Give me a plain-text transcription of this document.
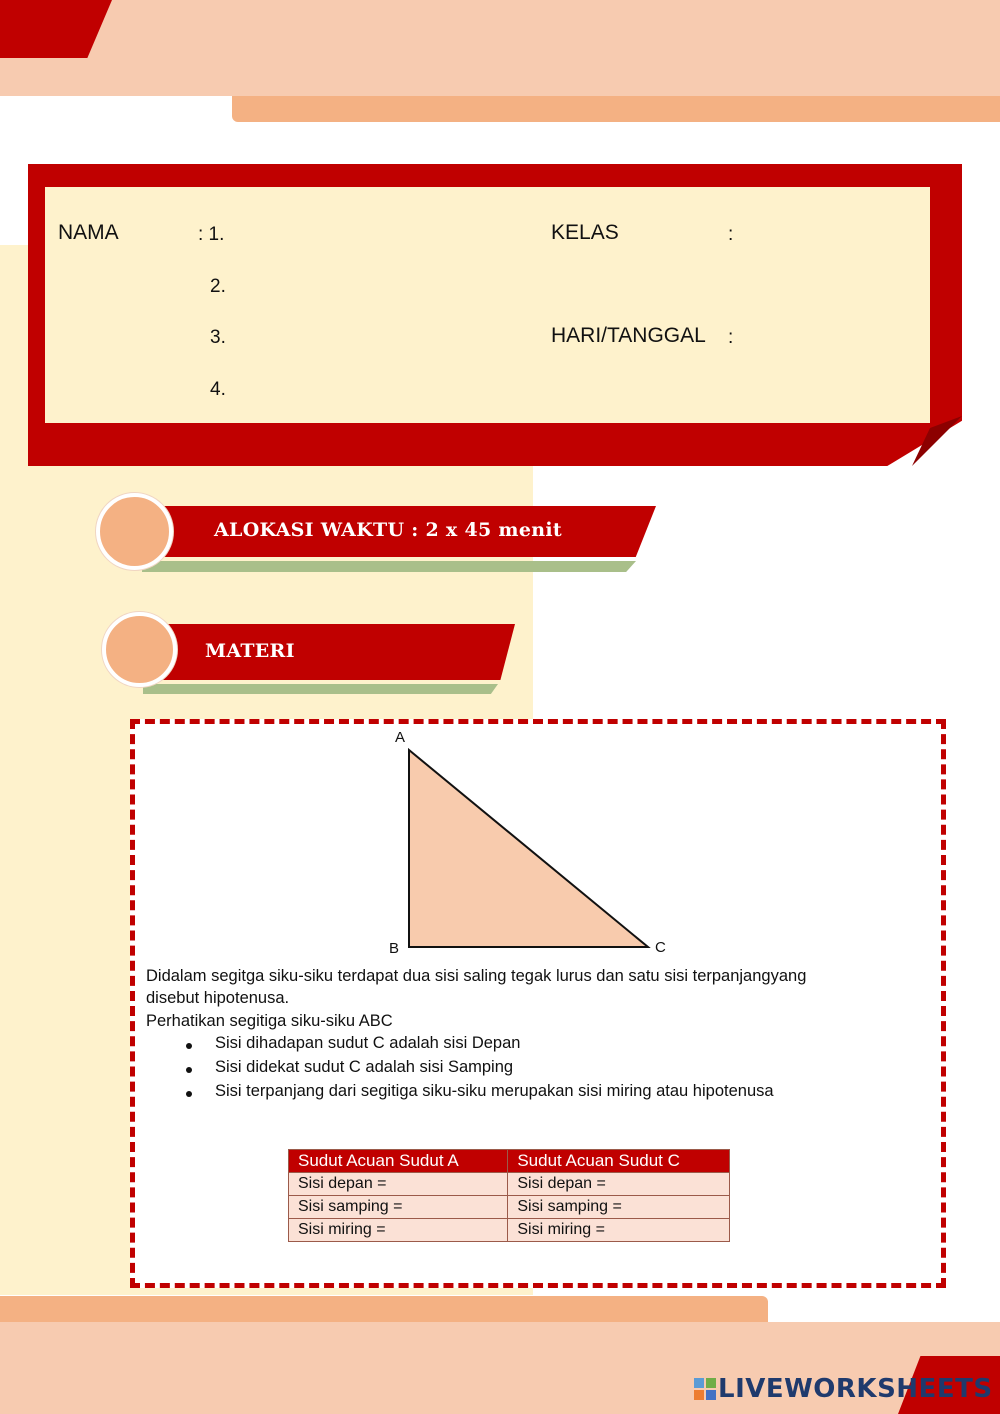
NAMA	: 1.
2.
3.
4.
KELAS	:
HARI/TANGGAL :
ALOKASI WAKTU : 2 x 45 menit
MATERI
A
B	C
Didalam segitga siku-siku terdapat dua sisi saling tegak lurus dan satu sisi terpanjangyang
disebut hipotenusa.
Perhatikan segitiga siku-siku ABC
Sisi dihadapan sudut C adalah sisi Depan
Sisi didekat sudut C adalah sisi Samping
Sisi terpanjang dari segitiga siku-siku merupakan sisi miring atau hipotenusa
Sudut Acuan Sudut A	Sudut Acuan Sudut C
Sisi depan =	Sisi depan =
Sisi samping =	Sisi samping =
Sisi miring =	Sisi miring =
LIVEWORKSHEETS
